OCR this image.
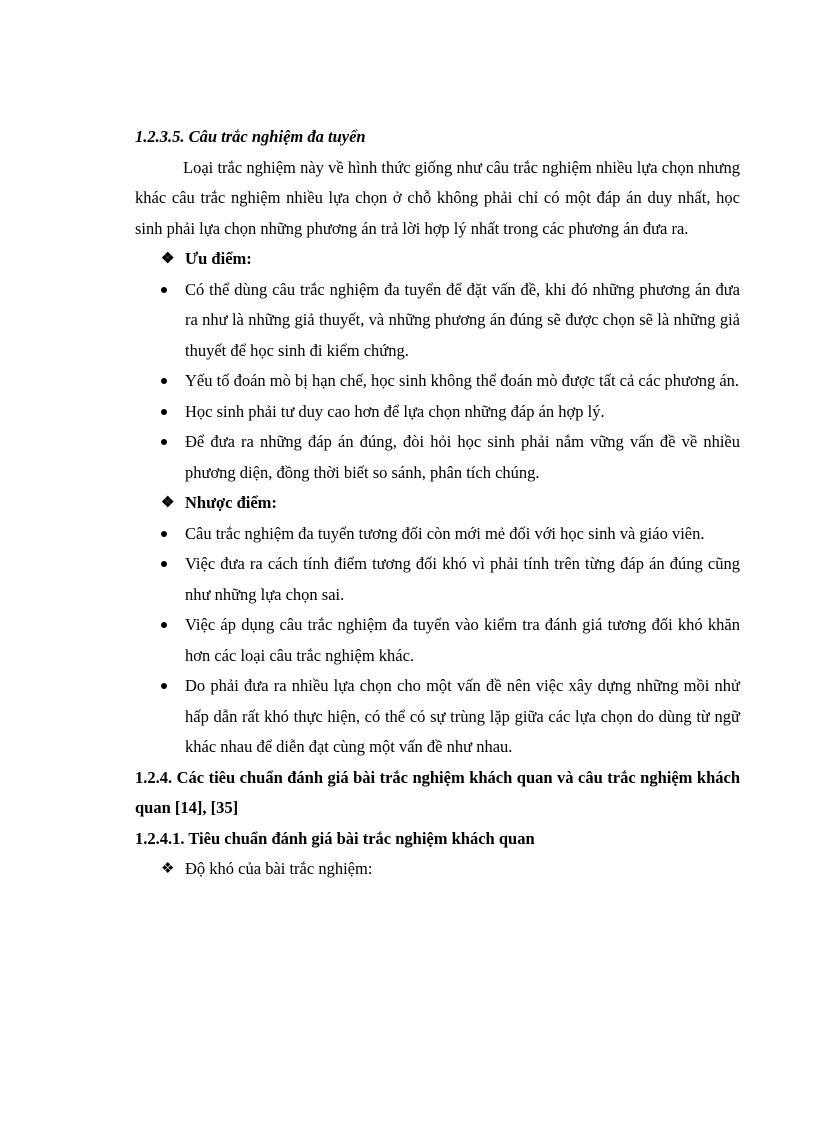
1.2.3.5. Câu trắc nghiệm đa tuyển

Loại trắc nghiệm này về hình thức giống như câu trắc nghiệm nhiều lựa chọn nhưng khác câu trắc nghiệm nhiều lựa chọn ở chỗ không phải chỉ có một đáp án duy nhất, học sinh phải lựa chọn những phương án trả lời hợp lý nhất trong các phương án đưa ra.

❖ Ưu điểm:

Có thể dùng câu trắc nghiệm đa tuyển để đặt vấn đề, khi đó những phương án đưa ra như là những giả thuyết, và những phương án đúng sẽ được chọn sẽ là những giả thuyết để học sinh đi kiểm chứng.
Yếu tố đoán mò bị hạn chế, học sinh không thể đoán mò được tất cả các phương án.
Học sinh phải tư duy cao hơn để lựa chọn những đáp án hợp lý.
Để đưa ra những đáp án đúng, đòi hỏi học sinh phải nắm vững vấn đề về nhiều phương diện, đồng thời biết so sánh, phân tích chúng.

❖ Nhược điểm:

Câu trắc nghiệm đa tuyển tương đối còn mới mẻ đối với học sinh và giáo viên.
Việc đưa ra cách tính điểm tương đối khó vì phải tính trên từng đáp án đúng cũng như những lựa chọn sai.
Việc áp dụng câu trắc nghiệm đa tuyển vào kiểm tra đánh giá tương đối khó khăn hơn các loại câu trắc nghiệm khác.
Do phải đưa ra nhiều lựa chọn cho một vấn đề nên việc xây dựng những mồi nhử hấp dẫn rất khó thực hiện, có thể có sự trùng lặp giữa các lựa chọn do dùng từ ngữ khác nhau để diễn đạt cùng một vấn đề như nhau.

1.2.4. Các tiêu chuẩn đánh giá bài trắc nghiệm khách quan và câu trắc nghiệm khách quan [14], [35]

1.2.4.1. Tiêu chuẩn đánh giá bài trắc nghiệm khách quan

❖ Độ khó của bài trắc nghiệm:
